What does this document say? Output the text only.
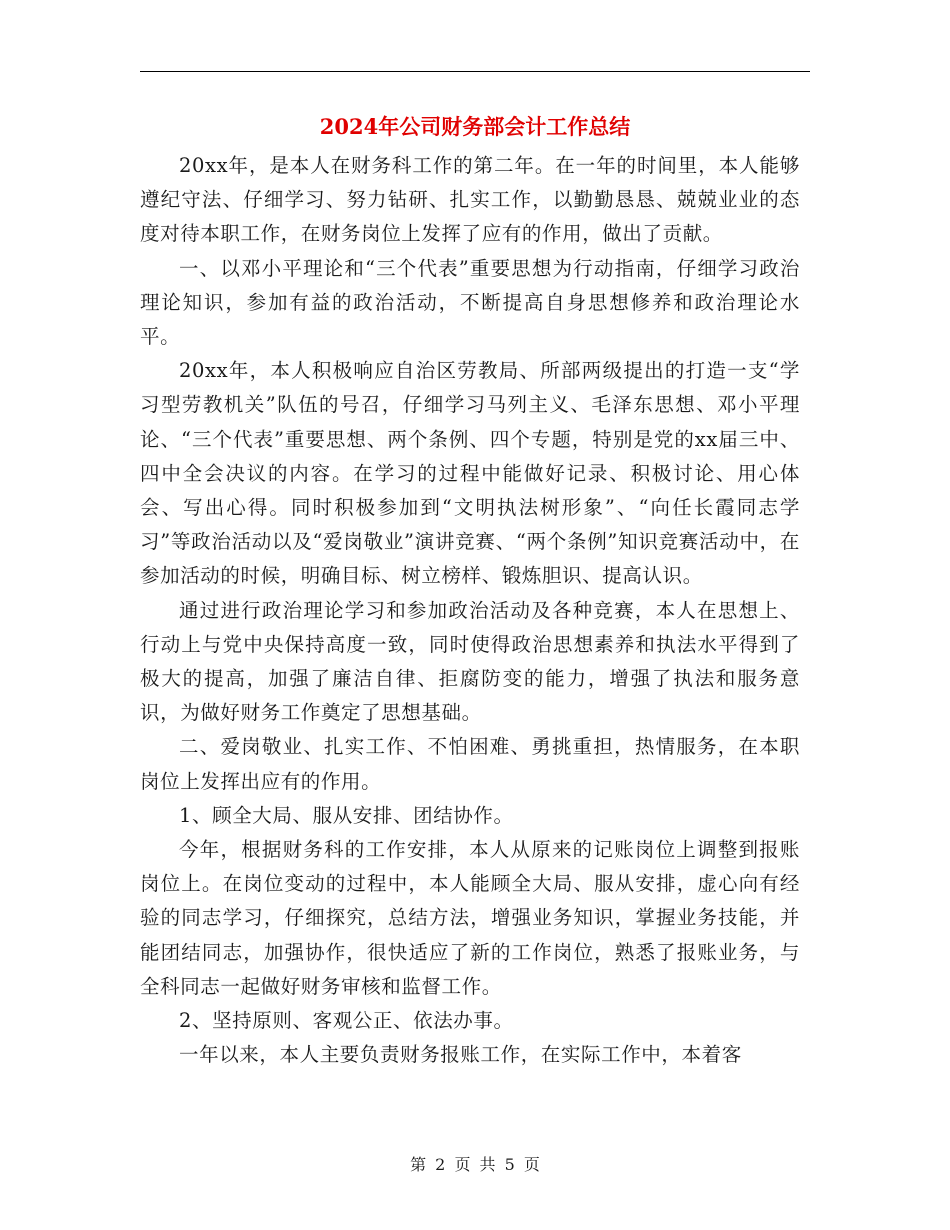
2024年公司财务部会计工作总结

20xx年，是本人在财务科工作的第二年。在一年的时间里，本人能够遵纪守法、仔细学习、努力钻研、扎实工作，以勤勤恳恳、兢兢业业的态度对待本职工作，在财务岗位上发挥了应有的作用，做出了贡献。

一、以邓小平理论和“三个代表”重要思想为行动指南，仔细学习政治理论知识，参加有益的政治活动，不断提高自身思想修养和政治理论水平。

20xx年，本人积极响应自治区劳教局、所部两级提出的打造一支“学习型劳教机关”队伍的号召，仔细学习马列主义、毛泽东思想、邓小平理论、“三个代表”重要思想、两个条例、四个专题，特别是党的xx届三中、四中全会决议的内容。在学习的过程中能做好记录、积极讨论、用心体会、写出心得。同时积极参加到“文明执法树形象”、“向任长霞同志学习”等政治活动以及“爱岗敬业”演讲竞赛、“两个条例”知识竞赛活动中，在参加活动的时候，明确目标、树立榜样、锻炼胆识、提高认识。

通过进行政治理论学习和参加政治活动及各种竞赛，本人在思想上、行动上与党中央保持高度一致，同时使得政治思想素养和执法水平得到了极大的提高，加强了廉洁自律、拒腐防变的能力，增强了执法和服务意识，为做好财务工作奠定了思想基础。

二、爱岗敬业、扎实工作、不怕困难、勇挑重担，热情服务，在本职岗位上发挥出应有的作用。

1、顾全大局、服从安排、团结协作。

今年，根据财务科的工作安排，本人从原来的记账岗位上调整到报账岗位上。在岗位变动的过程中，本人能顾全大局、服从安排，虚心向有经验的同志学习，仔细探究，总结方法，增强业务知识，掌握业务技能，并能团结同志，加强协作，很快适应了新的工作岗位，熟悉了报账业务，与全科同志一起做好财务审核和监督工作。

2、坚持原则、客观公正、依法办事。

一年以来，本人主要负责财务报账工作，在实际工作中，本着客

第 2 页 共 5 页
